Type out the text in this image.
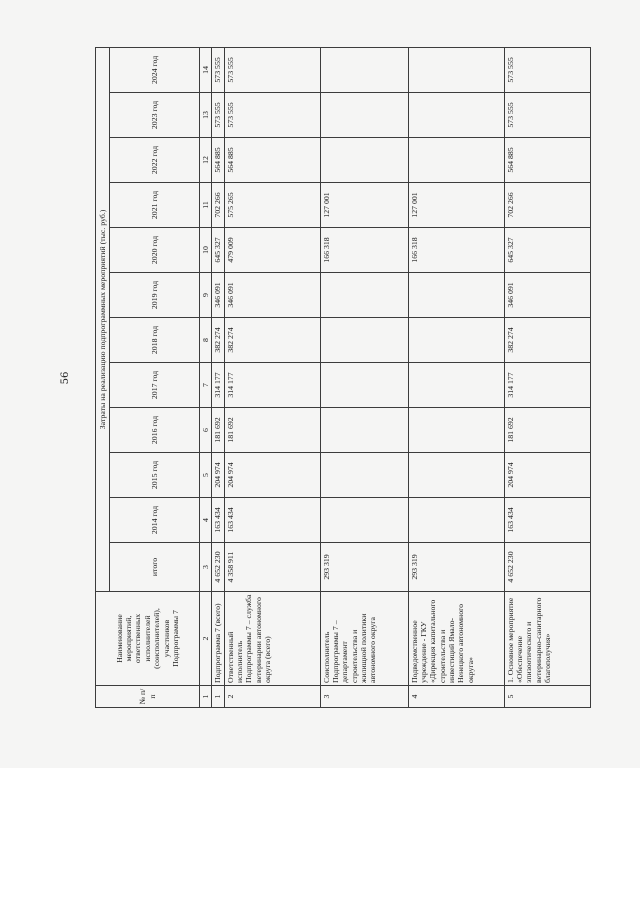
56
№ п/п	Наименование мероприятий, ответственных исполнителей (соисполнителей), участников Подпрограммы 7	Затраты на реализацию подпрограммных мероприятий (тыс. руб.)											
		итого	2014 год	2015 год	2016 год	2017 год	2018 год	2019 год	2020 год	2021 год	2022 год	2023 год	2024 год
1	2	3	4	5	6	7	8	9	10	11	12	13	14
1	Подпрограмма 7 (всего)	4 652 230	163 434	204 974	181 692	314 177	382 274	346 091	645 327	702 266	564 885	573 555	573 555
2	Ответственный исполнитель Подпрограммы 7 – служба ветеринарии автономного округа (всего)	4 358 911	163 434	204 974	181 692	314 177	382 274	346 091	479 009	575 265	564 885	573 555	573 555
3	Соисполнитель Подпрограммы 7 – департамент строительства и жилищной политики автономного округа	293 319							166 318	127 001			
4	Подведомственное учреждение - ГКУ «Дирекция капитального строительства и инвестиций Ямало-Ненецкого автономного округа»	293 319							166 318	127 001			
5	1. Основное мероприятие «Обеспечение эпизоотического и ветеринарно-санитарного благополучия»	4 652 230	163 434	204 974	181 692	314 177	382 274	346 091	645 327	702 266	564 885	573 555	573 555
